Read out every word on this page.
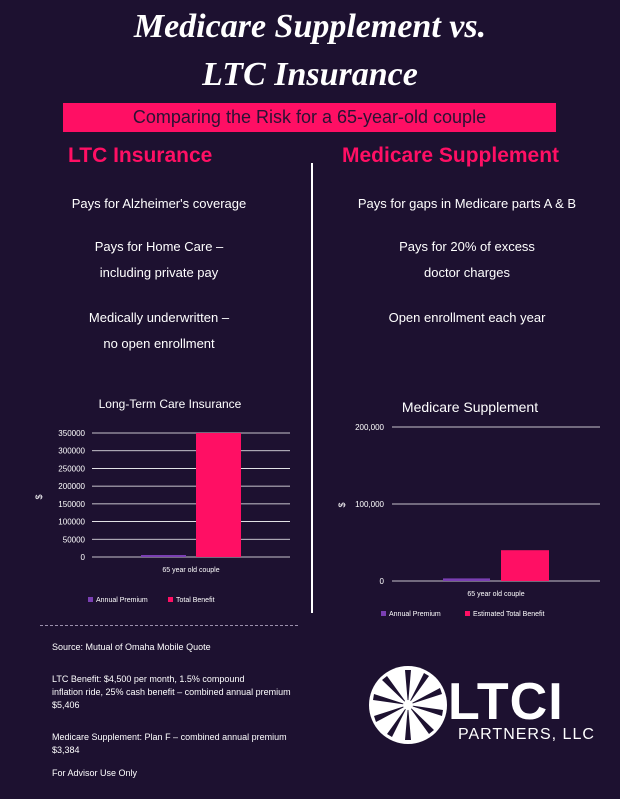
Medicare Supplement vs.
LTC Insurance
Comparing the Risk for a 65-year-old couple
LTC Insurance	Medicare Supplement
Pays for Alzheimer's coverage
Pays for Home Care –
including private pay
Medically underwritten –
no open enrollment
Pays for gaps in Medicare parts A & B
Pays for 20% of excess
doctor charges
Open enrollment each year
Long-Term Care Insurance	Medicare Supplement
0
50000
100000
150000
200000
250000
300000
350000
$
65 year old couple
Annual Premium	Total Benefit
0
100,000
200,000
$
65 year old couple
Annual Premium	Estimated Total Benefit
Source: Mutual of Omaha Mobile Quote
LTC Benefit: $4,500 per month, 1.5% compound
inflation ride, 25% cash benefit – combined annual premium
$5,406
Medicare Supplement: Plan F – combined annual premium
$3,384
For Advisor Use Only
LTCI
PARTNERS, LLC
